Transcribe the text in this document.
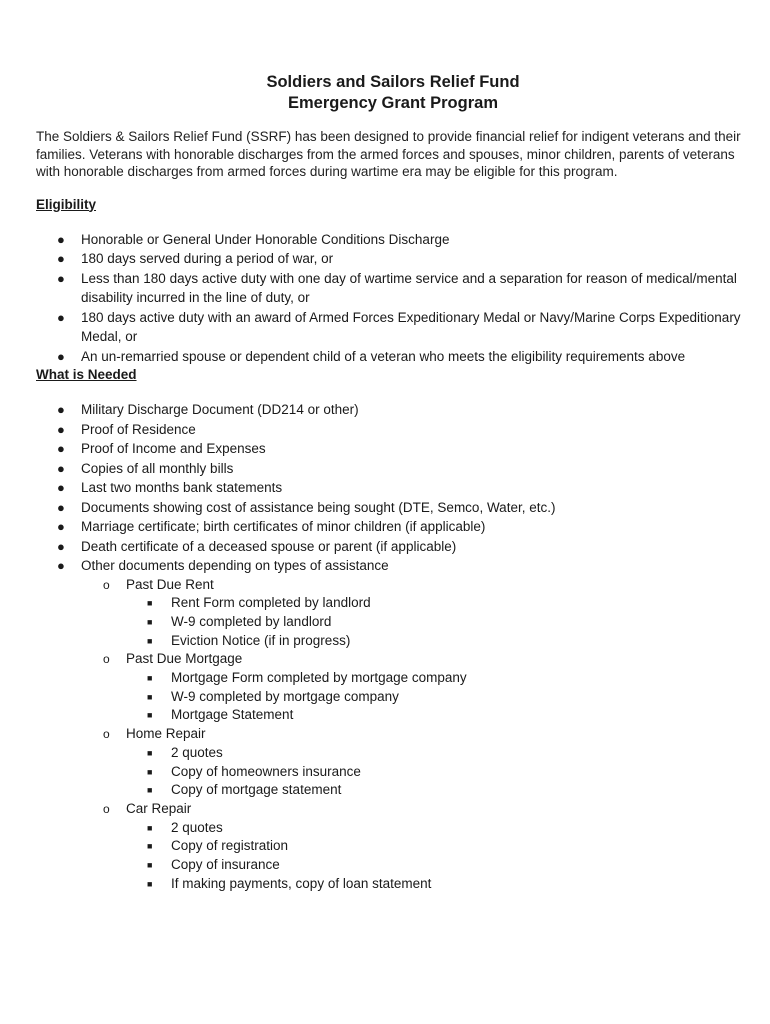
Soldiers and Sailors Relief Fund
Emergency Grant Program

The Soldiers & Sailors Relief Fund (SSRF) has been designed to provide financial relief for indigent veterans and their families. Veterans with honorable discharges from the armed forces and spouses, minor children, parents of veterans with honorable discharges from armed forces during wartime era may be eligible for this program.

Eligibility
● Honorable or General Under Honorable Conditions Discharge
● 180 days served during a period of war, or
● Less than 180 days active duty with one day of wartime service and a separation for reason of medical/mental disability incurred in the line of duty, or
● 180 days active duty with an award of Armed Forces Expeditionary Medal or Navy/Marine Corps Expeditionary Medal, or
● An un-remarried spouse or dependent child of a veteran who meets the eligibility requirements above
What is Needed
● Military Discharge Document (DD214 or other)
● Proof of Residence
● Proof of Income and Expenses
● Copies of all monthly bills
● Last two months bank statements
● Documents showing cost of assistance being sought (DTE, Semco, Water, etc.)
● Marriage certificate; birth certificates of minor children (if applicable)
● Death certificate of a deceased spouse or parent (if applicable)
● Other documents depending on types of assistance
o Past Due Rent
■ Rent Form completed by landlord
■ W-9 completed by landlord
■ Eviction Notice (if in progress)
o Past Due Mortgage
■ Mortgage Form completed by mortgage company
■ W-9 completed by mortgage company
■ Mortgage Statement
o Home Repair
■ 2 quotes
■ Copy of homeowners insurance
■ Copy of mortgage statement
o Car Repair
■ 2 quotes
■ Copy of registration
■ Copy of insurance
■ If making payments, copy of loan statement
